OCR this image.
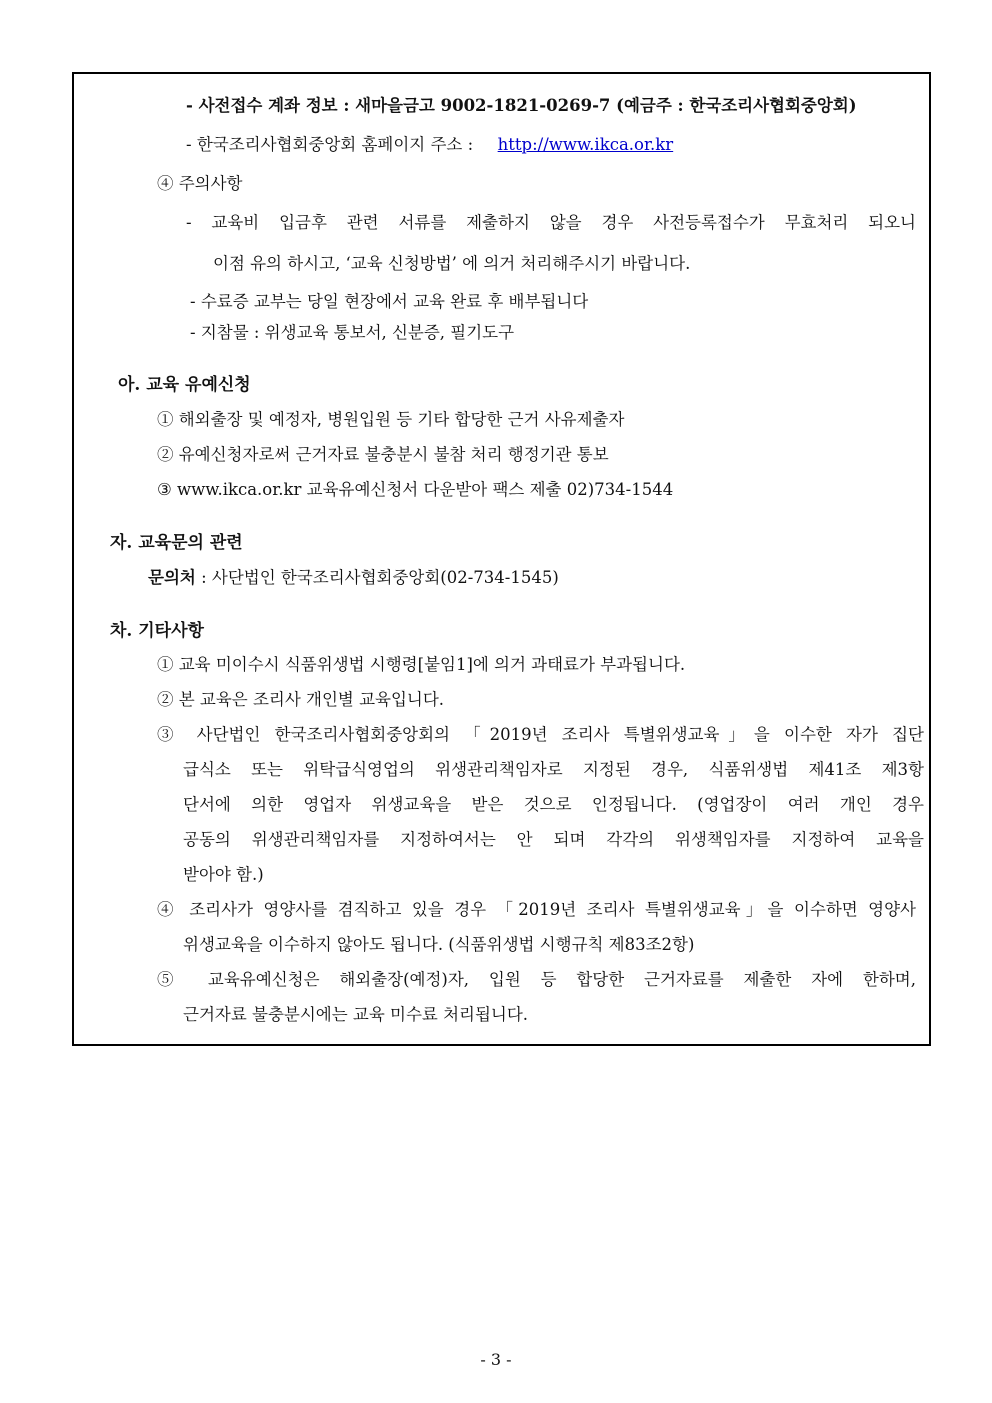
- 사전접수 계좌 정보 : 새마을금고 9002-1821-0269-7 (예금주 : 한국조리사협회중앙회)
- 한국조리사협회중앙회 홈페이지 주소 : http://www.ikca.or.kr
④ 주의사항
- 교육비 입금후 관련 서류를 제출하지 않을 경우 사전등록접수가 무효처리 되오니
이점 유의 하시고, ‘교육 신청방법’ 에 의거 처리해주시기 바랍니다.
- 수료증 교부는 당일 현장에서 교육 완료 후 배부됩니다
- 지참물 : 위생교육 통보서, 신분증, 필기도구
아. 교육 유예신청
① 해외출장 및 예정자, 병원입원 등 기타 합당한 근거 사유제출자
② 유예신청자로써 근거자료 불충분시 불참 처리 행정기관 통보
③ www.ikca.or.kr 교육유예신청서 다운받아 팩스 제출 02)734-1544
자. 교육문의 관련
문의처 : 사단법인 한국조리사협회중앙회(02-734-1545)
차. 기타사항
① 교육 미이수시 식품위생법 시행령[붙임1]에 의거 과태료가 부과됩니다.
② 본 교육은 조리사 개인별 교육입니다.
③ 사단법인 한국조리사협회중앙회의 「2019년 조리사 특별위생교육」을 이수한 자가 집단
급식소 또는 위탁급식영업의 위생관리책임자로 지정된 경우, 식품위생법 제41조 제3항
단서에 의한 영업자 위생교육을 받은 것으로 인정됩니다. (영업장이 여러 개인 경우
공동의 위생관리책임자를 지정하여서는 안 되며 각각의 위생책임자를 지정하여 교육을
받아야 함.)
④ 조리사가 영양사를 겸직하고 있을 경우 「2019년 조리사 특별위생교육」을 이수하면 영양사
위생교육을 이수하지 않아도 됩니다. (식품위생법 시행규칙 제83조2항)
⑤ 교육유예신청은 해외출장(예정)자, 입원 등 합당한 근거자료를 제출한 자에 한하며,
근거자료 불충분시에는 교육 미수료 처리됩니다.
- 3 -
